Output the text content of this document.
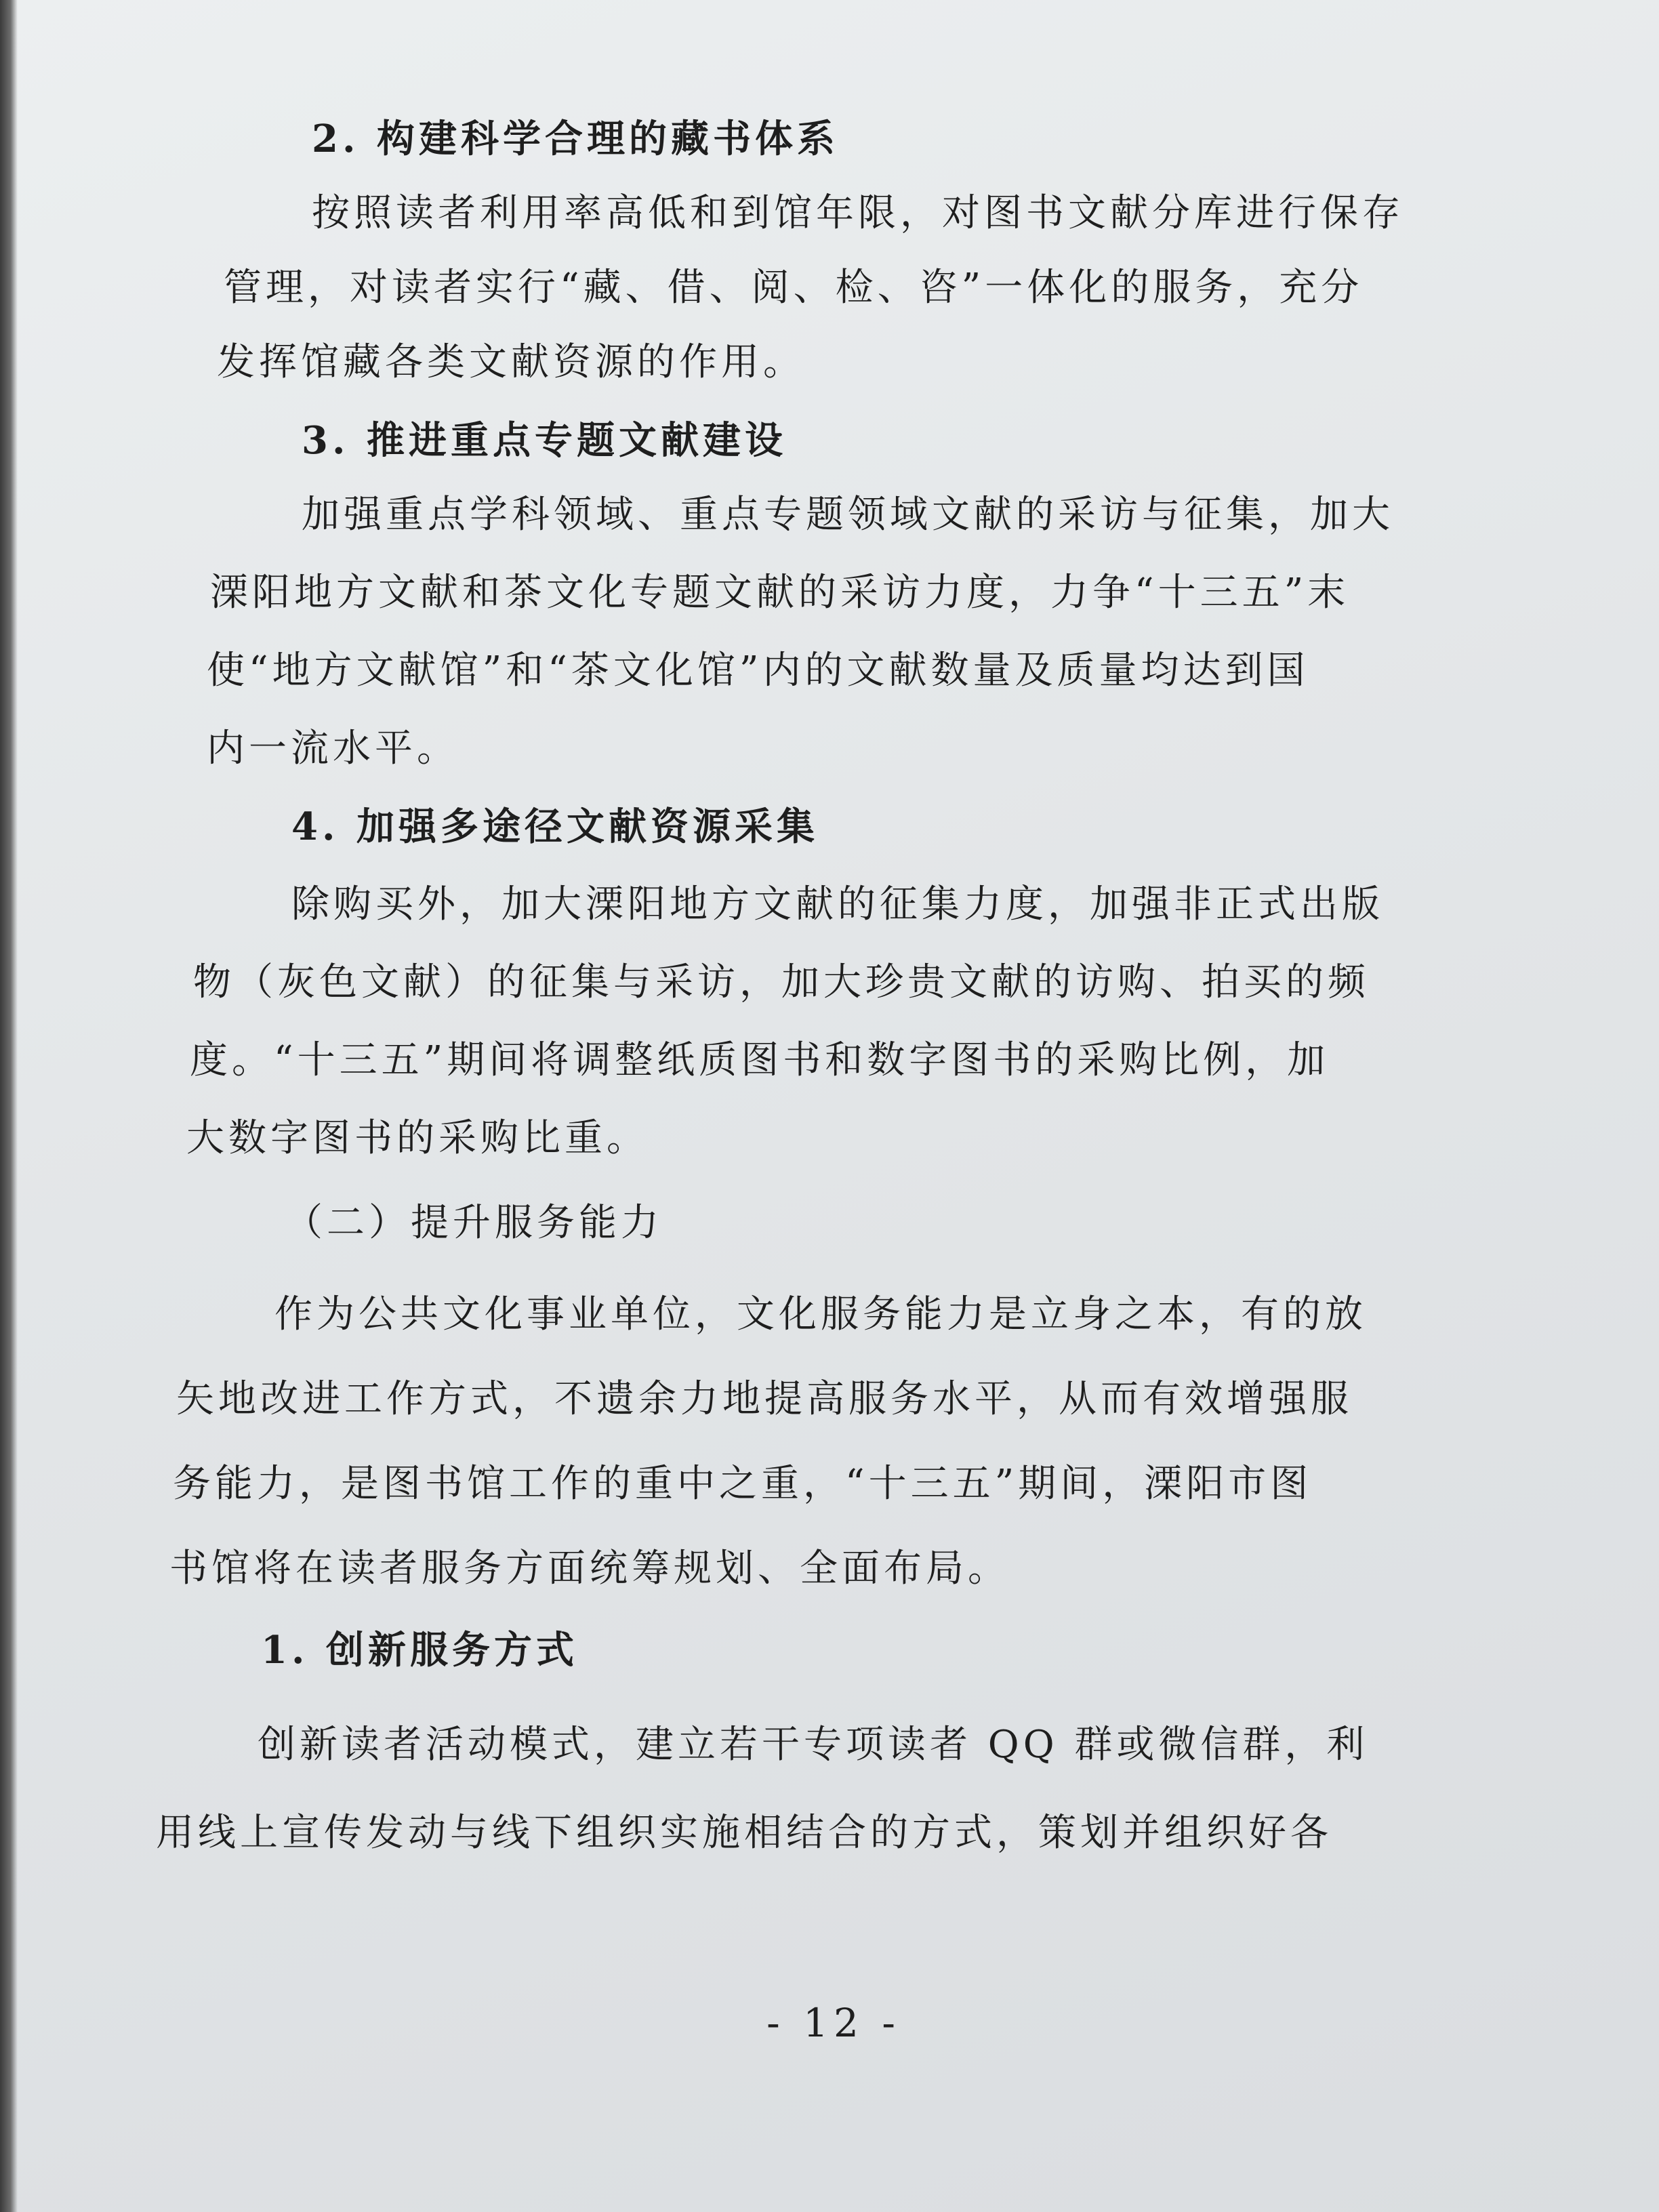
2. 构建科学合理的藏书体系
按照读者利用率高低和到馆年限，对图书文献分库进行保存
管理，对读者实行“藏、借、阅、检、咨”一体化的服务，充分
发挥馆藏各类文献资源的作用。
3. 推进重点专题文献建设
加强重点学科领域、重点专题领域文献的采访与征集，加大
溧阳地方文献和茶文化专题文献的采访力度，力争“十三五”末
使“地方文献馆”和“茶文化馆”内的文献数量及质量均达到国
内一流水平。
4. 加强多途径文献资源采集
除购买外，加大溧阳地方文献的征集力度，加强非正式出版
物（灰色文献）的征集与采访，加大珍贵文献的访购、拍买的频
度。“十三五”期间将调整纸质图书和数字图书的采购比例，加
大数字图书的采购比重。
（二）提升服务能力
作为公共文化事业单位，文化服务能力是立身之本，有的放
矢地改进工作方式，不遗余力地提高服务水平，从而有效增强服
务能力，是图书馆工作的重中之重，“十三五”期间，溧阳市图
书馆将在读者服务方面统筹规划、全面布局。
1. 创新服务方式
创新读者活动模式，建立若干专项读者 QQ 群或微信群，利
用线上宣传发动与线下组织实施相结合的方式，策划并组织好各
- 12 -
